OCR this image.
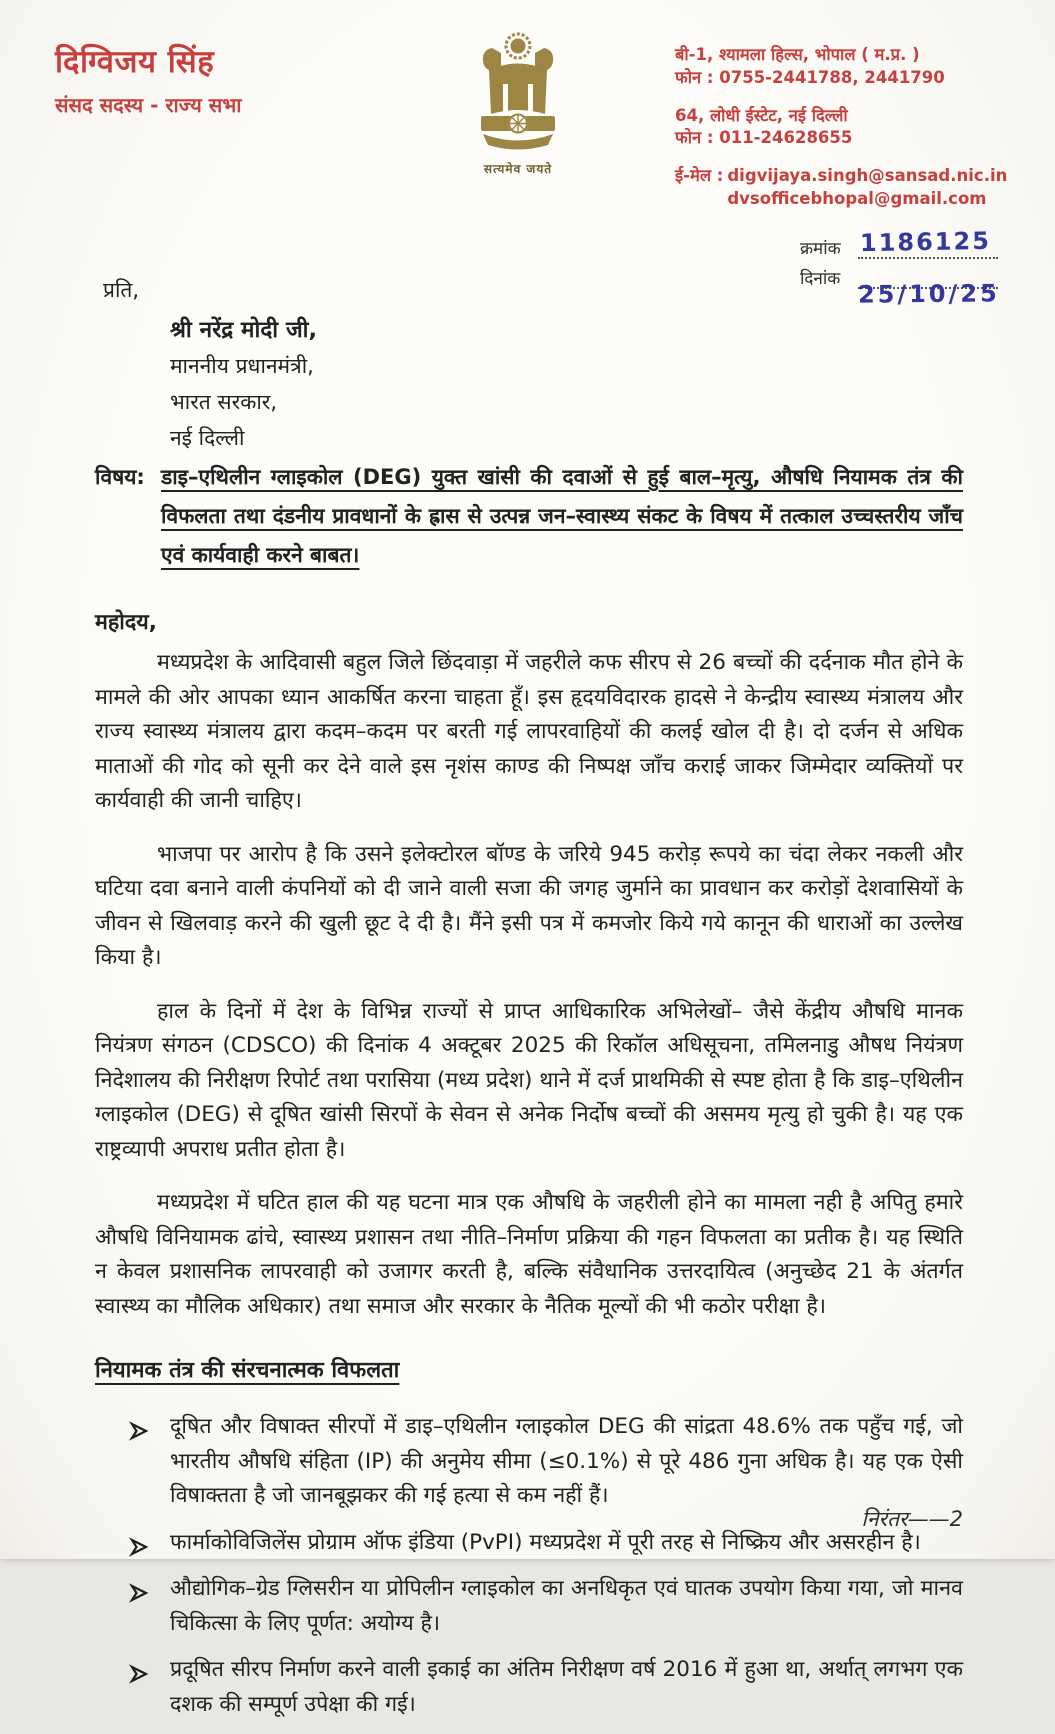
दिग्विजय सिंह
संसद सदस्य - राज्य सभा
सत्यमेव जयते
बी-1, श्यामला हिल्स, भोपाल ( म.प्र. )
फोन : 0755-2441788, 2441790
64, लोधी ईस्टेट, नई दिल्ली
फोन : 011-24628655
ई-मेल : digvijaya.singh@sansad.nic.in
dvsofficebhopal@gmail.com
क्रमांक 1186125
दिनांक
25/10/25
प्रति,
श्री नरेंद्र मोदी जी,
माननीय प्रधानमंत्री,
भारत सरकार,
नई दिल्ली
विषय: डाइ–एथिलीन ग्लाइकोल (DEG) युक्त खांसी की दवाओं से हुई बाल–मृत्यु, औषधि नियामक तंत्र की विफलता तथा दंडनीय प्रावधानों के ह्रास से उत्पन्न जन–स्वास्थ्य संकट के विषय में तत्काल उच्चस्तरीय जाँच एवं कार्यवाही करने बाबत।
महोदय,

मध्यप्रदेश के आदिवासी बहुल जिले छिंदवाड़ा में जहरीले कफ सीरप से 26 बच्चों की दर्दनाक मौत होने के मामले की ओर आपका ध्यान आकर्षित करना चाहता हूँ। इस हृदयविदारक हादसे ने केन्द्रीय स्वास्थ्य मंत्रालय और राज्य स्वास्थ्य मंत्रालय द्वारा कदम–कदम पर बरती गई लापरवाहियों की कलई खोल दी है। दो दर्जन से अधिक माताओं की गोद को सूनी कर देने वाले इस नृशंस काण्ड की निष्पक्ष जाँच कराई जाकर जिम्मेदार व्यक्तियों पर कार्यवाही की जानी चाहिए।

भाजपा पर आरोप है कि उसने इलेक्टोरल बॉण्ड के जरिये 945 करोड़ रूपये का चंदा लेकर नकली और घटिया दवा बनाने वाली कंपनियों को दी जाने वाली सजा की जगह जुर्माने का प्रावधान कर करोड़ों देशवासियों के जीवन से खिलवाड़ करने की खुली छूट दे दी है। मैंने इसी पत्र में कमजोर किये गये कानून की धाराओं का उल्लेख किया है।

हाल के दिनों में देश के विभिन्न राज्यों से प्राप्त आधिकारिक अभिलेखों– जैसे केंद्रीय औषधि मानक नियंत्रण संगठन (CDSCO) की दिनांक 4 अक्टूबर 2025 की रिकॉल अधिसूचना, तमिलनाडु औषध नियंत्रण निदेशालय की निरीक्षण रिपोर्ट तथा परासिया (मध्य प्रदेश) थाने में दर्ज प्राथमिकी से स्पष्ट होता है कि डाइ–एथिलीन ग्लाइकोल (DEG) से दूषित खांसी सिरपों के सेवन से अनेक निर्दोष बच्चों की असमय मृत्यु हो चुकी है। यह एक राष्ट्रव्यापी अपराध प्रतीत होता है।

मध्यप्रदेश में घटित हाल की यह घटना मात्र एक औषधि के जहरीली होने का मामला नही है अपितु हमारे औषधि विनियामक ढांचे, स्वास्थ्य प्रशासन तथा नीति–निर्माण प्रक्रिया की गहन विफलता का प्रतीक है। यह स्थिति न केवल प्रशासनिक लापरवाही को उजागर करती है, बल्कि संवैधानिक उत्तरदायित्व (अनुच्छेद 21 के अंतर्गत स्वास्थ्य का मौलिक अधिकार) तथा समाज और सरकार के नैतिक मूल्यों की भी कठोर परीक्षा है।

नियामक तंत्र की संरचनात्मक विफलता
दूषित और विषाक्त सीरपों में डाइ–एथिलीन ग्लाइकोल DEG की सांद्रता 48.6% तक पहुँच गई, जो भारतीय औषधि संहिता (IP) की अनुमेय सीमा (≤0.1%) से पूरे 486 गुना अधिक है। यह एक ऐसी विषाक्तता है जो जानबूझकर की गई हत्या से कम नहीं हैं।
फार्माकोविजिलेंस प्रोग्राम ऑफ इंडिया (PvPI) मध्यप्रदेश में पूरी तरह से निष्क्रिय और असरहीन है।
औद्योगिक–ग्रेड ग्लिसरीन या प्रोपिलीन ग्लाइकोल का अनधिकृत एवं घातक उपयोग किया गया, जो मानव चिकित्सा के लिए पूर्णत: अयोग्य है।
प्रदूषित सीरप निर्माण करने वाली इकाई का अंतिम निरीक्षण वर्ष 2016 में हुआ था, अर्थात् लगभग एक दशक की सम्पूर्ण उपेक्षा की गई।
निरंतर——2
